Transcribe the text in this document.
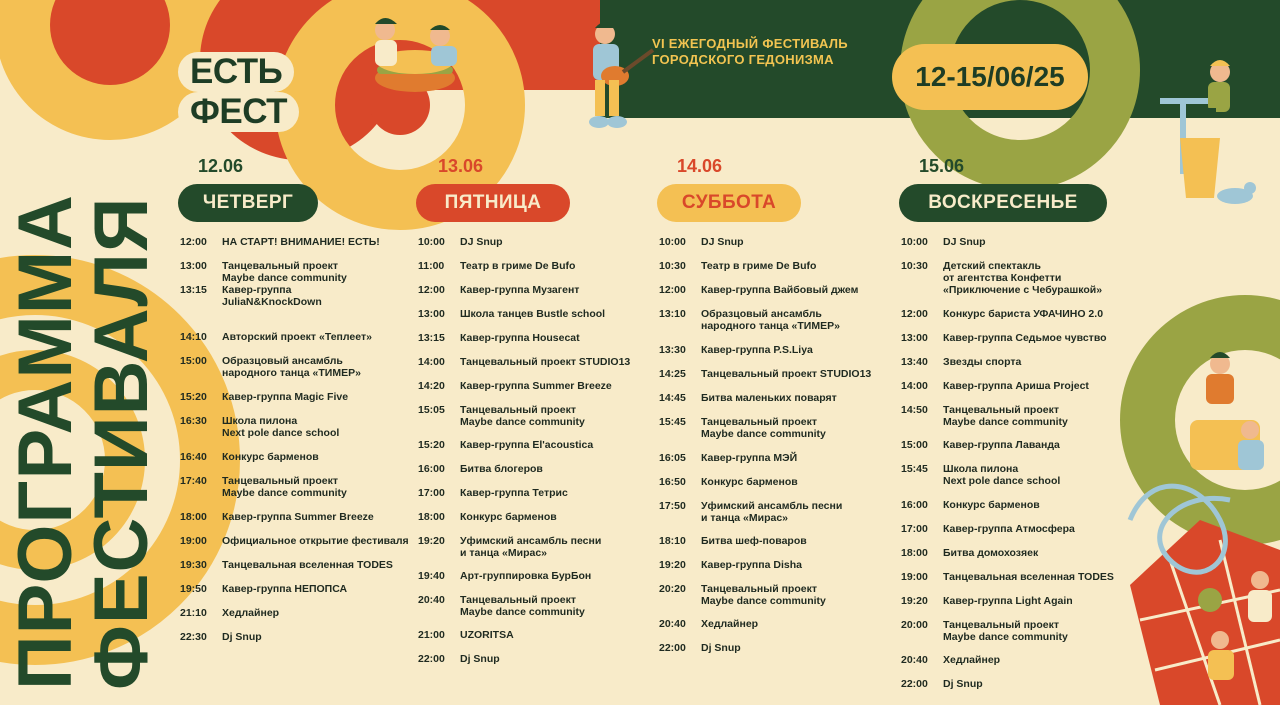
ПРОГРАММА
ФЕСТИВАЛЯ
ЕСТЬ
ФЕСТ
VI ЕЖЕГОДНЫЙ ФЕСТИВАЛЬ
ГОРОДСКОГО ГЕДОНИЗМА
12-15/06/25
12.06
ЧЕТВЕРГ
12:00	НА СТАРТ! ВНИМАНИЕ! ЕСТЬ!
13:00	Танцевальный проект
Maybe dance community
13:15	Кавер-группа
JuliaN&KnockDown
14:10	Авторский проект «Теплеет»
15:00	Образцовый ансамбль
народного танца «ТИМЕР»
15:20	Кавер-группа Magic Five
16:30	Школа пилона
Next pole dance school
16:40	Конкурс барменов
17:40	Танцевальный проект
Maybe dance community
18:00	Кавер-группа Summer Breeze
19:00	Официальное открытие фестиваля
19:30	Танцевальная вселенная TODES
19:50	Кавер-группа НЕПОПСА
21:10	Хедлайнер
22:30	Dj Snup
13.06
ПЯТНИЦА
10:00	DJ Snup
11:00	Театр в гриме De Bufo
12:00	Кавер-группа Музагент
13:00	Школа танцев Bustle school
13:15	Кавер-группа Housecat
14:00	Танцевальный проект STUDIO13
14:20	Кавер-группа Summer Breeze
15:05	Танцевальный проект
Maybe dance community
15:20	Кавер-группа El'acoustica
16:00	Битва блогеров
17:00	Кавер-группа Тетрис
18:00	Конкурс барменов
19:20	Уфимский ансамбль песни
и танца «Мирас»
19:40	Арт-группировка БурБон
20:40	Танцевальный проект
Maybe dance community
21:00	UZORITSA
22:00	Dj Snup
14.06
СУББОТА
10:00	DJ Snup
10:30	Театр в гриме De Bufo
12:00	Кавер-группа Вайбовый джем
13:10	Образцовый ансамбль
народного танца «ТИМЕР»
13:30	Кавер-группа P.S.Liya
14:25	Танцевальный проект STUDIO13
14:45	Битва маленьких поварят
15:45	Танцевальный проект
Maybe dance community
16:05	Кавер-группа МЭЙ
16:50	Конкурс барменов
17:50	Уфимский ансамбль песни
и танца «Мирас»
18:10	Битва шеф-поваров
19:20	Кавер-группа Disha
20:20	Танцевальный проект
Maybe dance community
20:40	Хедлайнер
22:00	Dj Snup
15.06
ВОСКРЕСЕНЬЕ
10:00	DJ Snup
10:30	Детский спектакль
от агентства Конфетти
«Приключение с Чебурашкой»
12:00	Конкурс бариста УФАЧИНО 2.0
13:00	Кавер-группа Седьмое чувство
13:40	Звезды спорта
14:00	Кавер-группа Ариша Project
14:50	Танцевальный проект
Maybe dance community
15:00	Кавер-группа Лаванда
15:45	Школа пилона
Next pole dance school
16:00	Конкурс барменов
17:00	Кавер-группа Атмосфера
18:00	Битва домохозяек
19:00	Танцевальная вселенная TODES
19:20	Кавер-группа Light Again
20:00	Танцевальный проект
Maybe dance community
20:40	Хедлайнер
22:00	Dj Snup
